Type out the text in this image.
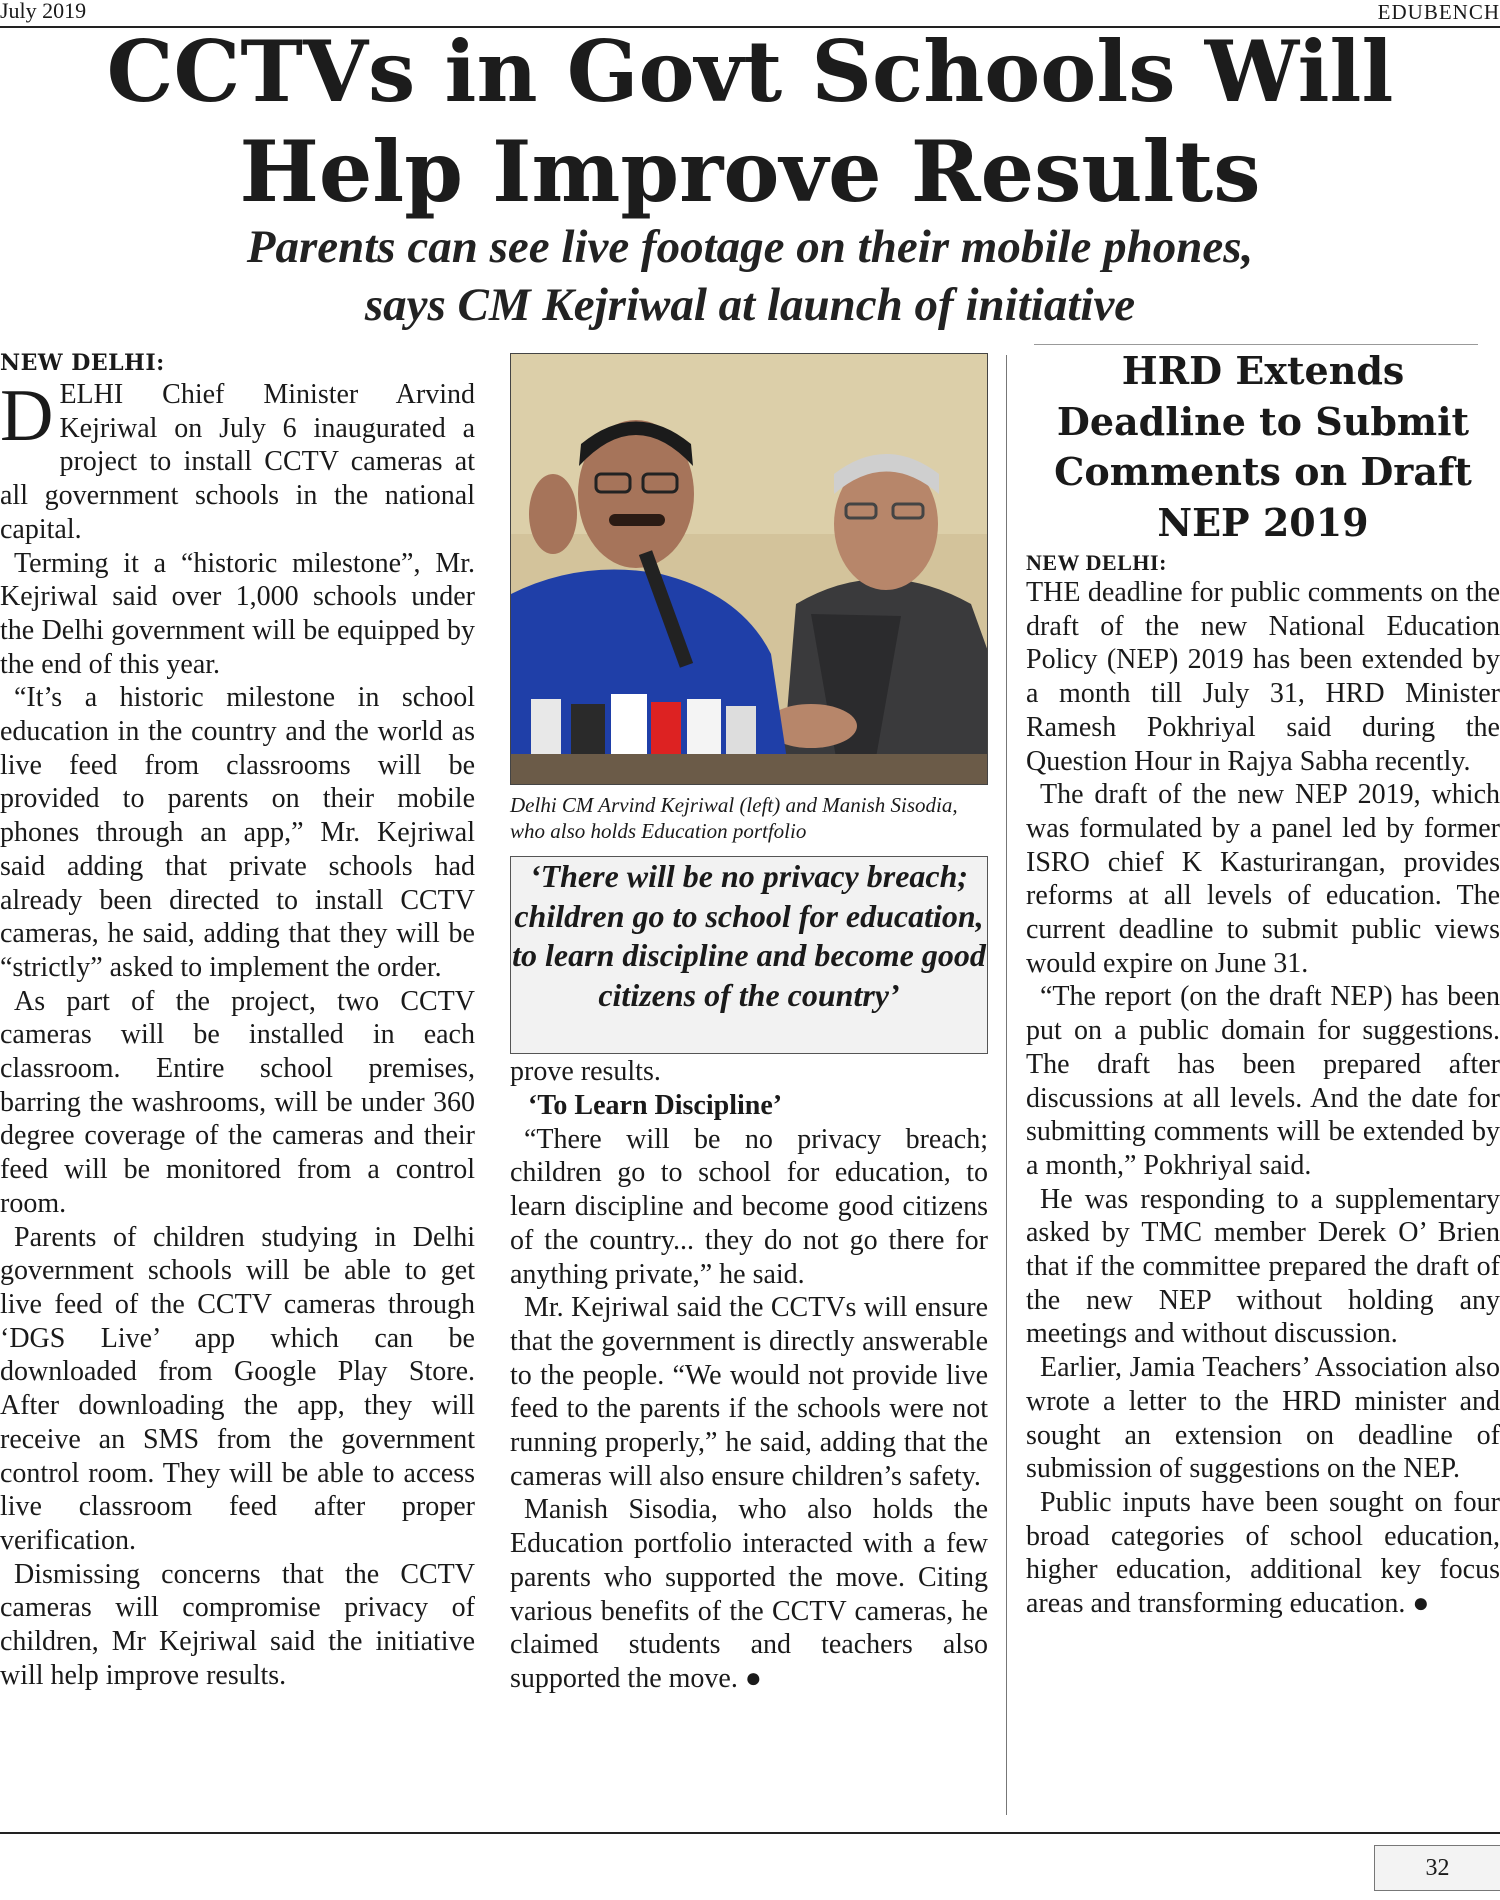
July 2019	EDUBENCH
CCTVs in Govt Schools Will
Help Improve Results
Parents can see live footage on their mobile phones,
says CM Kejriwal at launch of initiative
NEW DELHI:

DELHI Chief Minister Arvind Kejriwal on July 6 inaugurated a project to install CCTV cameras at all government schools in the national capital.

Terming it a “historic milestone”, Mr. Kejriwal said over 1,000 schools under the Delhi government will be equipped by the end of this year.

“It’s a historic milestone in school education in the country and the world as live feed from classrooms will be provided to parents on their mobile phones through an app,” Mr. Kejriwal said adding that private schools had already been directed to install CCTV cameras, he said, adding that they will be “strictly” asked to implement the order.

As part of the project, two CCTV cameras will be installed in each classroom. Entire school premises, barring the washrooms, will be under 360 degree coverage of the cameras and their feed will be monitored from a control room.

Parents of children studying in Delhi government schools will be able to get live feed of the CCTV cameras through ‘DGS Live’ app which can be downloaded from Google Play Store. After downloading the app, they will receive an SMS from the government control room. They will be able to access live classroom feed after proper verification.

Dismissing concerns that the CCTV cameras will compromise privacy of children, Mr Kejriwal said the initiative will help improve results.

Delhi CM Arvind Kejriwal (left) and Manish Sisodia, who also holds Education portfolio
‘There will be no privacy breach; children go to school for education, to learn discipline and become good citizens of the country’

prove results.

‘To Learn Discipline’

“There will be no privacy breach; children go to school for education, to learn discipline and become good citizens of the country... they do not go there for anything private,” he said.

Mr. Kejriwal said the CCTVs will ensure that the government is directly answerable to the people. “We would not provide live feed to the parents if the schools were not running properly,” he said, adding that the cameras will also ensure children’s safety.

Manish Sisodia, who also holds the Education portfolio interacted with a few parents who supported the move. Citing various benefits of the CCTV cameras, he claimed students and teachers also supported the move. ●

HRD Extends Deadline to Submit Comments on Draft NEP 2019
NEW DELHI:

THE deadline for public comments on the draft of the new National Education Policy (NEP) 2019 has been extended by a month till July 31, HRD Minister Ramesh Pokhriyal said during the Question Hour in Rajya Sabha recently.

The draft of the new NEP 2019, which was formulated by a panel led by former ISRO chief K Kasturirangan, provides reforms at all levels of education. The current deadline to submit public views would expire on June 31.

“The report (on the draft NEP) has been put on a public domain for suggestions. The draft has been prepared after discussions at all levels. And the date for submitting comments will be extended by a month,” Pokhriyal said.

He was responding to a supplementary asked by TMC member Derek O’ Brien that if the committee prepared the draft of the new NEP without holding any meetings and without discussion.

Earlier, Jamia Teachers’ Association also wrote a letter to the HRD minister and sought an extension on deadline of submission of suggestions on the NEP.

Public inputs have been sought on four broad categories of school education, higher education, additional key focus areas and transforming education. ●

32
